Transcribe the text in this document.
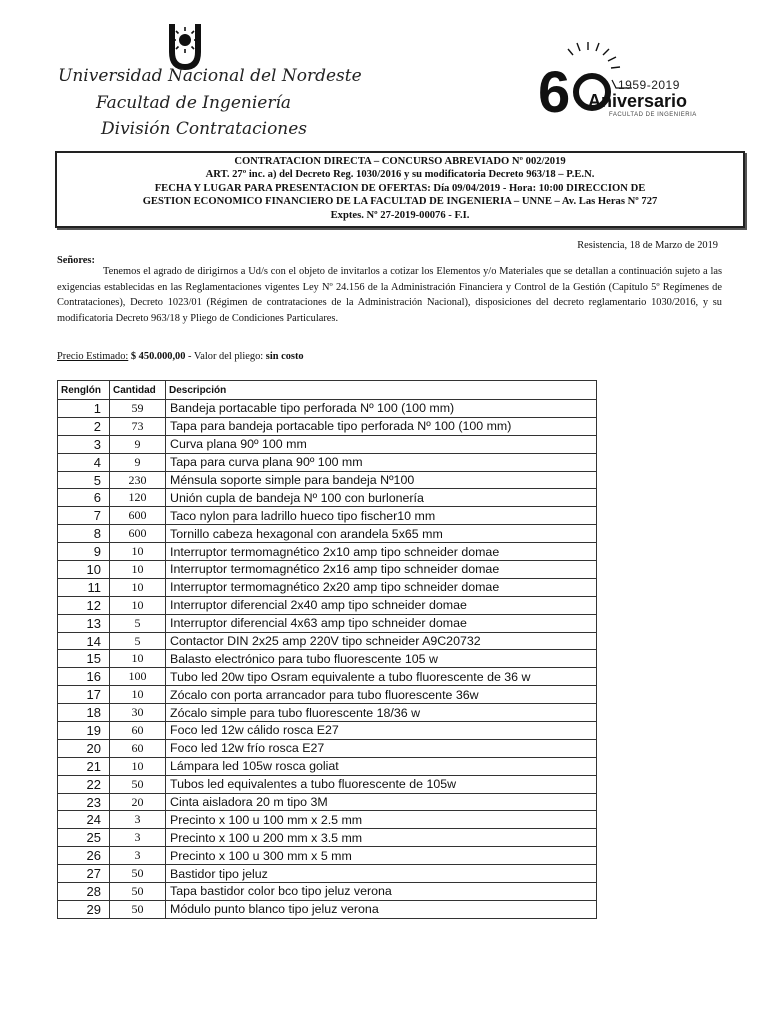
Universidad Nacional del Nordeste
Facultad de Ingeniería
División Contrataciones
6	1959-2019
Aniversario
FACULTAD DE INGENIERIA
CONTRATACION DIRECTA – CONCURSO ABREVIADO Nº 002/2019
ART. 27º inc. a) del Decreto Reg. 1030/2016 y su modificatoria Decreto 963/18 – P.E.N.
FECHA Y LUGAR PARA PRESENTACION DE OFERTAS: Día 09/04/2019 - Hora: 10:00 DIRECCION DE
GESTION ECONOMICO FINANCIERO DE LA FACULTAD DE INGENIERIA – UNNE – Av. Las Heras Nº 727
Exptes. Nº 27-2019-00076 - F.I.
Resistencia, 18 de Marzo de 2019
Señores:
Tenemos el agrado de dirigirnos a Ud/s con el objeto de invitarlos a cotizar los Elementos y/o Materiales que se detallan a continuación sujeto a las exigencias establecidas en las Reglamentaciones vigentes Ley Nº 24.156 de la Administración Financiera y Control de la Gestión (Capítulo 5º Regímenes de Contrataciones), Decreto 1023/01 (Régimen de contrataciones de la Administración Nacional), disposiciones del decreto reglamentario 1030/2016, y su modificatoria Decreto 963/18 y Pliego de Condiciones Particulares.
Precio Estimado: $ 450.000,00 - Valor del pliego: sin costo
Renglón	Cantidad	Descripción
1	59	Bandeja portacable tipo perforada Nº 100 (100 mm)
2	73	Tapa para bandeja portacable tipo perforada Nº 100 (100 mm)
3	9	Curva plana 90º 100 mm
4	9	Tapa para curva plana 90º 100 mm
5	230	Ménsula soporte simple para bandeja Nº100
6	120	Unión cupla de bandeja Nº 100 con burlonería
7	600	Taco nylon para ladrillo hueco tipo fischer10 mm
8	600	Tornillo cabeza hexagonal con arandela 5x65 mm
9	10	Interruptor termomagnético 2x10 amp tipo schneider domae
10	10	Interruptor termomagnético 2x16 amp tipo schneider domae
11	10	Interruptor termomagnético 2x20 amp tipo schneider domae
12	10	Interruptor diferencial 2x40 amp tipo schneider domae
13	5	Interruptor diferencial 4x63 amp tipo schneider domae
14	5	Contactor DIN 2x25 amp 220V tipo schneider A9C20732
15	10	Balasto electrónico para tubo fluorescente 105 w
16	100	Tubo led 20w tipo Osram equivalente a tubo fluorescente de 36 w
17	10	Zócalo con porta arrancador para tubo fluorescente 36w
18	30	Zócalo simple para tubo fluorescente 18/36 w
19	60	Foco led 12w cálido rosca E27
20	60	Foco led 12w frío rosca E27
21	10	Lámpara led 105w rosca goliat
22	50	Tubos led equivalentes a tubo fluorescente de 105w
23	20	Cinta aisladora 20 m tipo 3M
24	3	Precinto x 100 u 100 mm x 2.5 mm
25	3	Precinto x 100 u 200 mm x 3.5 mm
26	3	Precinto x 100 u 300 mm x 5 mm
27	50	Bastidor tipo jeluz
28	50	Tapa bastidor color bco tipo jeluz verona
29	50	Módulo punto blanco tipo jeluz verona
